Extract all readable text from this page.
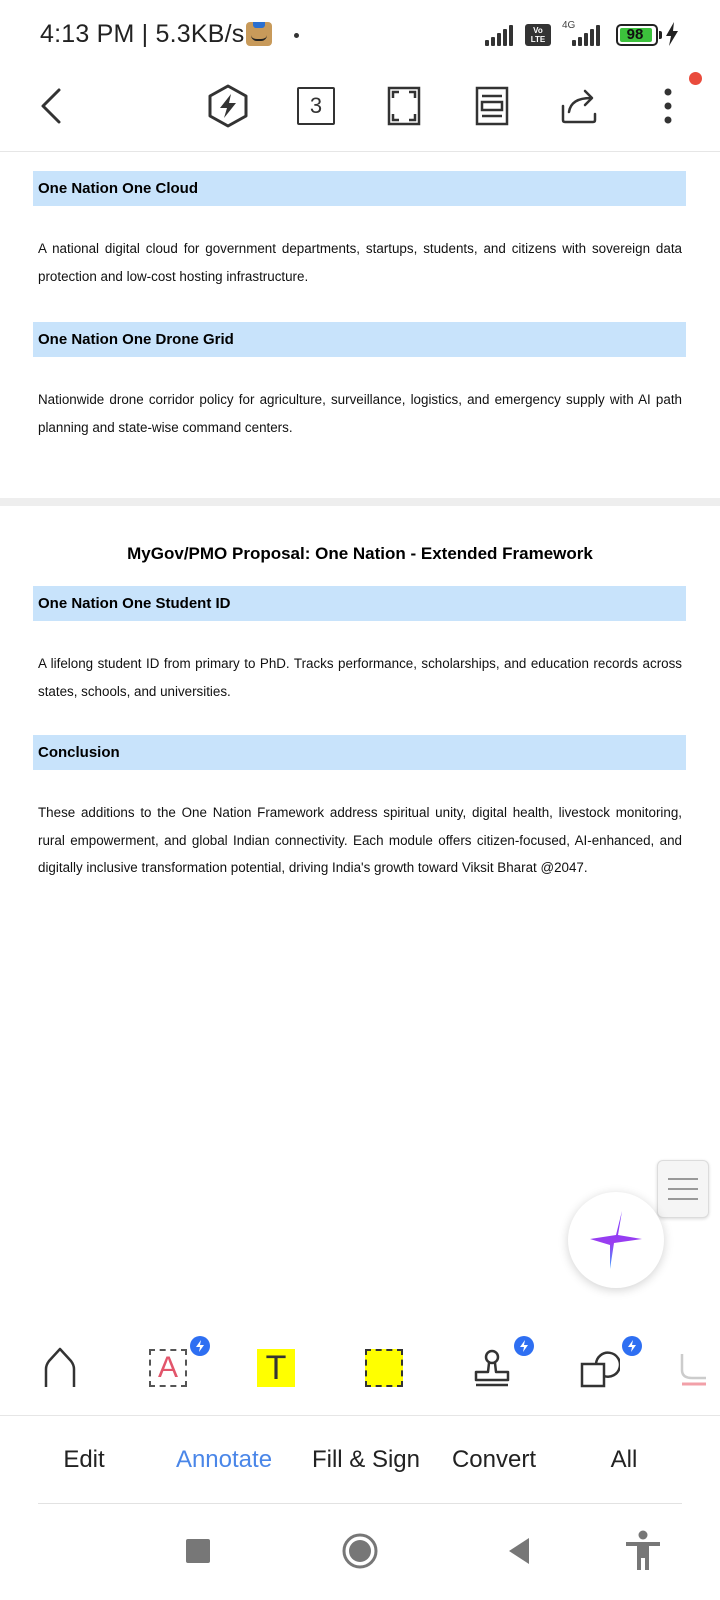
4:13 PM | 5.3KB/s	Vo LTE
4G
98
3
One Nation One Cloud
A national digital cloud for government departments, startups, students, and citizens with sovereign data protection and low-cost hosting infrastructure.
One Nation One Drone Grid
Nationwide drone corridor policy for agriculture, surveillance, logistics, and emergency supply with AI path planning and state-wise command centers.
MyGov/PMO Proposal: One Nation - Extended Framework
One Nation One Student ID
A lifelong student ID from primary to PhD. Tracks performance, scholarships, and education records across states, schools, and universities.
Conclusion
These additions to the One Nation Framework address spiritual unity, digital health, livestock monitoring, rural empowerment, and global Indian connectivity. Each module offers citizen-focused, AI-enhanced, and digitally inclusive transformation potential, driving India's growth toward Viksit Bharat @2047.
A	T
Edit	Annotate	Fill & Sign Convert	All
